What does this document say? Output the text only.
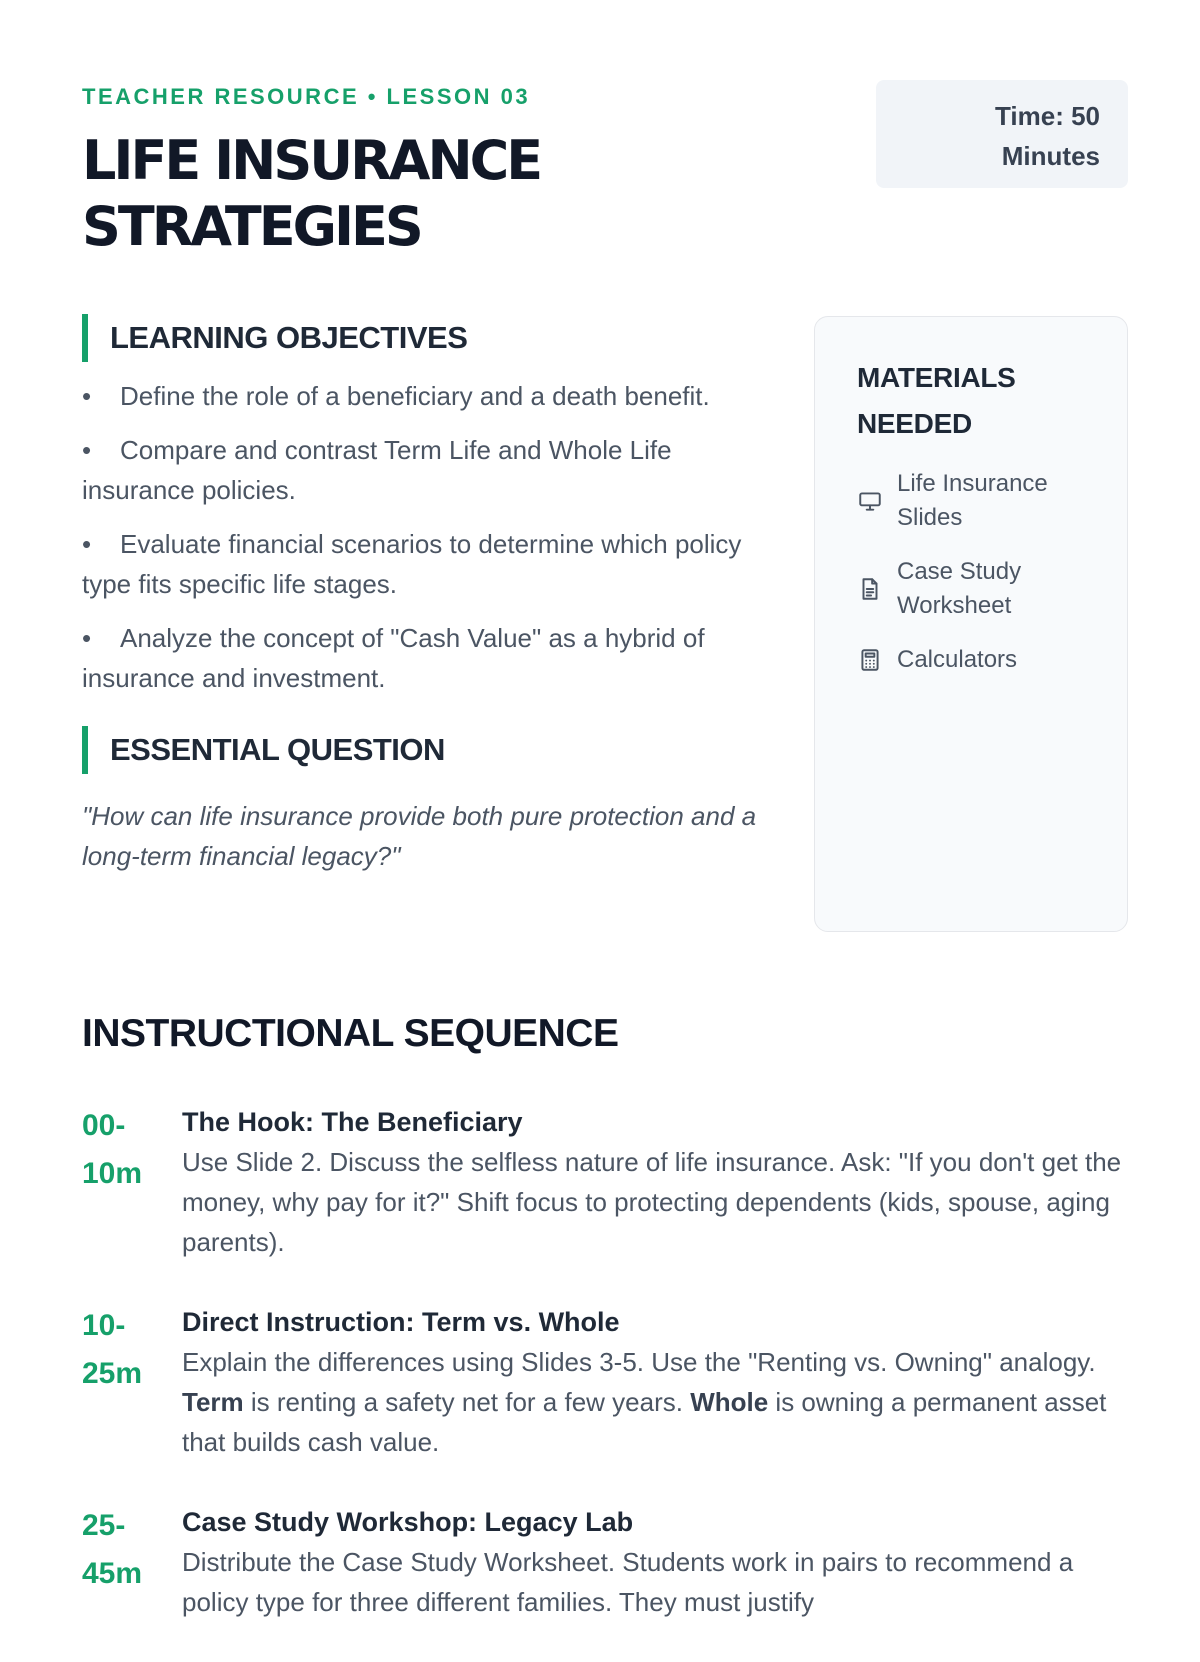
TEACHER RESOURCE • LESSON 03
LIFE INSURANCE
STRATEGIES
Time: 50
Minutes
LEARNING OBJECTIVES
• Define the role of a beneficiary and a death benefit.
• Compare and contrast Term Life and Whole Life insurance policies.
• Evaluate financial scenarios to determine which policy type fits specific life stages.
• Analyze the concept of "Cash Value" as a hybrid of insurance and investment.
ESSENTIAL QUESTION

"How can life insurance provide both pure protection and a long-term financial legacy?"

MATERIALS NEEDED
Life Insurance Slides
Case Study Worksheet
Calculators
INSTRUCTIONAL SEQUENCE
00-10m
The Hook: The Beneficiary

Use Slide 2. Discuss the selfless nature of life insurance. Ask: "If you don't get the money, why pay for it?" Shift focus to protecting dependents (kids, spouse, aging parents).

10-25m
Direct Instruction: Term vs. Whole

Explain the differences using Slides 3-5. Use the "Renting vs. Owning" analogy. Term is renting a safety net for a few years. Whole is owning a permanent asset that builds cash value.

25-45m
Case Study Workshop: Legacy Lab

Distribute the Case Study Worksheet. Students work in pairs to recommend a policy type for three different families. They must justify
